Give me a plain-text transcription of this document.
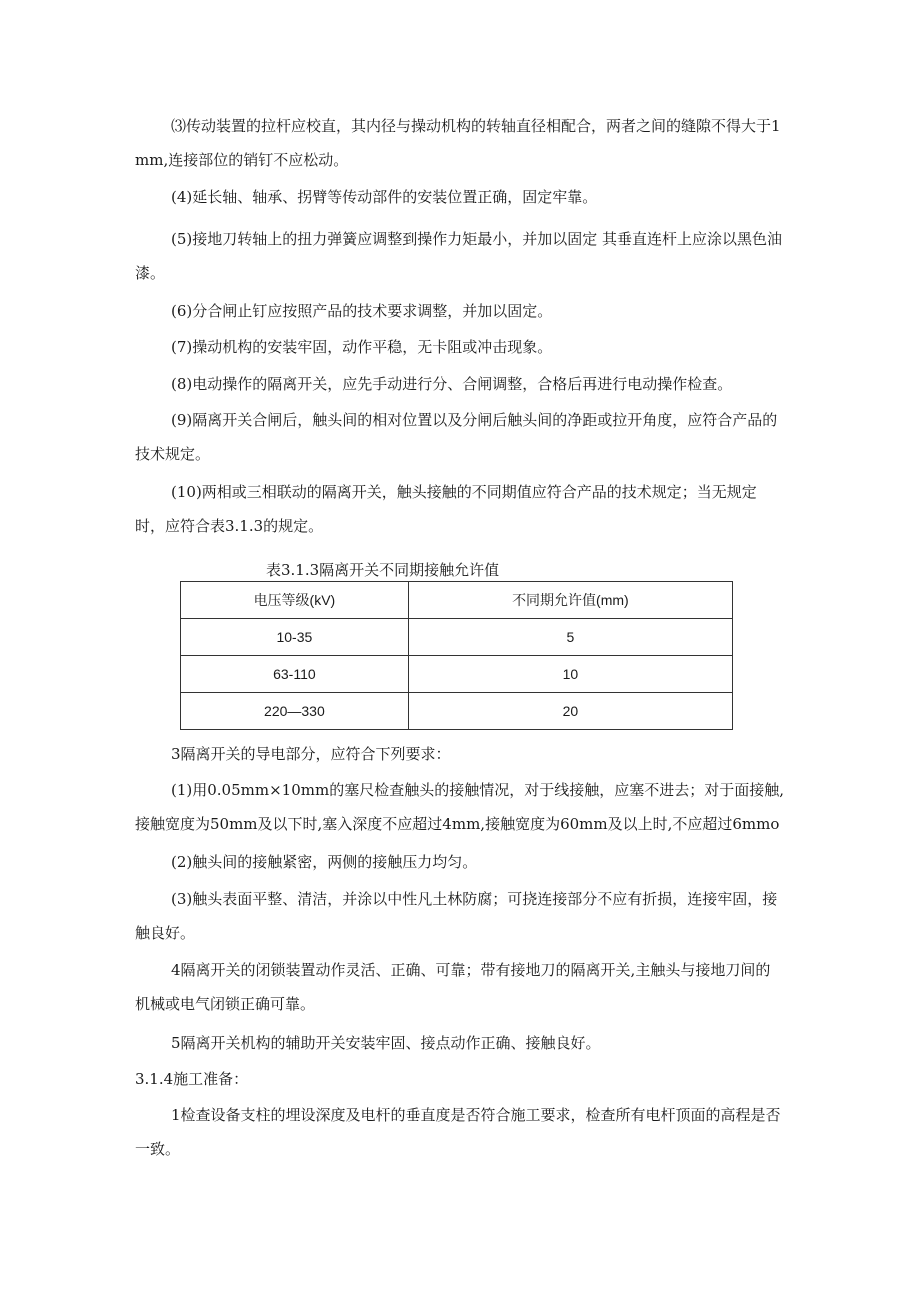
⑶传动装置的拉杆应校直，其内径与操动机构的转轴直径相配合，两者之间的缝隙不得大于1mm,连接部位的销钉不应松动。

(4)延长轴、轴承、拐臂等传动部件的安装位置正确，固定牢靠。

(5)接地刀转轴上的扭力弹簧应调整到操作力矩最小，并加以固定 其垂直连杆上应涂以黑色油漆。

(6)分合闸止钉应按照产品的技术要求调整，并加以固定。

(7)操动机构的安装牢固，动作平稳，无卡阻或冲击现象。

(8)电动操作的隔离开关，应先手动进行分、合闸调整，合格后再进行电动操作检查。

(9)隔离开关合闸后，触头间的相对位置以及分闸后触头间的净距或拉开角度，应符合产品的技术规定。

(10)两相或三相联动的隔离开关，触头接触的不同期值应符合产品的技术规定；当无规定时，应符合表3.1.3的规定。

表3.1.3隔离开关不同期接触允许值

电压等级(kV)	不同期允许值(mm)
10-35	5
63-110	10
220—330	20

3隔离开关的导电部分，应符合下列要求：

(1)用0.05mm×10mm的塞尺检查触头的接触情况，对于线接触，应塞不进去；对于面接触,接触宽度为50mm及以下时,塞入深度不应超过4mm,接触宽度为60mm及以上时,不应超过6mmo

(2)触头间的接触紧密，两侧的接触压力均匀。

(3)触头表面平整、清洁，并涂以中性凡土林防腐；可挠连接部分不应有折损，连接牢固，接触良好。

4隔离开关的闭锁装置动作灵活、正确、可靠；带有接地刀的隔离开关,主触头与接地刀间的机械或电气闭锁正确可靠。

5隔离开关机构的辅助开关安装牢固、接点动作正确、接触良好。

3.1.4施工准备：

1检查设备支柱的埋设深度及电杆的垂直度是否符合施工要求，检查所有电杆顶面的高程是否一致。
